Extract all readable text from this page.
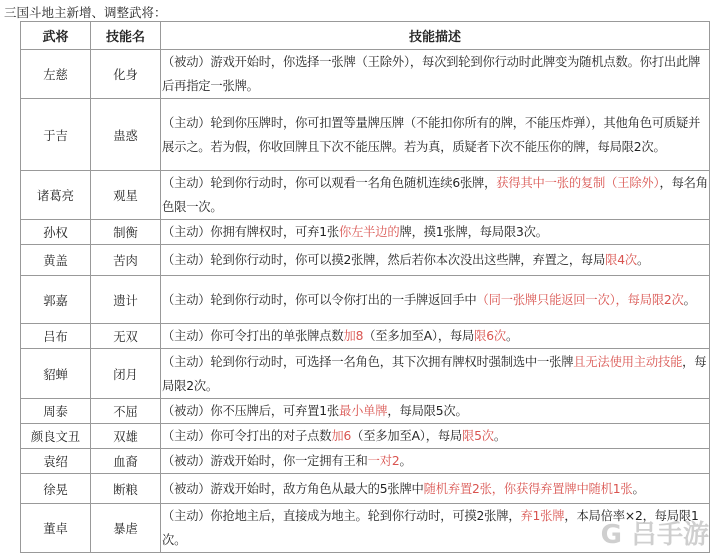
三国斗地主新增、调整武将：
武将	技能名	技能描述
左慈	化身	（被动）游戏开始时，你选择一张牌（王除外），每次到轮到你行动时此牌变为随机点数。你打出此牌后再指定一张牌。
于吉	蛊惑	（主动）轮到你压牌时，你可扣置等量牌压牌（不能扣你所有的牌，不能压炸弹），其他角色可质疑并展示之。若为假，你收回牌且下次不能压牌。若为真，质疑者下次不能压你的牌，每局限2次。
诸葛亮	观星	（主动）轮到你行动时，你可以观看一名角色随机连续6张牌，获得其中一张的复制（王除外），每名角色限一次。
孙权	制衡	（主动）你拥有牌权时，可弃1张你左半边的牌，摸1张牌，每局限3次。
黄盖	苦肉	（主动）轮到你行动时，你可以摸2张牌，然后若你本次没出这些牌，弃置之，每局限4次。
郭嘉	遗计	（主动）轮到你行动时，你可以令你打出的一手牌返回手中（同一张牌只能返回一次），每局限2次。
吕布	无双	（主动）你可令打出的单张牌点数加8（至多加至A），每局限6次。
貂蝉	闭月	（主动）轮到你行动时，可选择一名角色，其下次拥有牌权时强制选中一张牌且无法使用主动技能，每局限2次。
周泰	不屈	（被动）你不压牌后，可弃置1张最小单牌，每局限5次。
颜良文丑	双雄	（主动）你可令打出的对子点数加6（至多加至A），每局限5次。
袁绍	血裔	（被动）游戏开始时，你一定拥有王和一对2。
徐晃	断粮	（被动）游戏开始时，敌方角色从最大的5张牌中随机弃置2张，你获得弃置牌中随机1张。
董卓	暴虐	（主动）你抢地主后，直接成为地主。轮到你行动时，可摸2张牌，弃1张牌，本局倍率×2，每局限1次。	G 吕手游
